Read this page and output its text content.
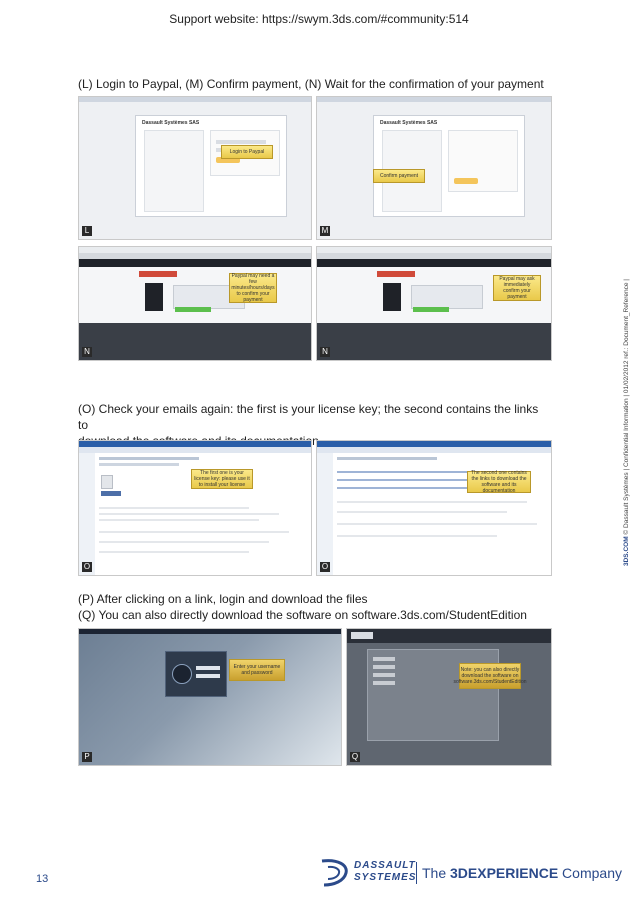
Support website: https://swym.3ds.com/#community:514
(L) Login to Paypal, (M) Confirm payment, (N) Wait for the confirmation of your payment
Dassault Systèmes SAS
Login to Paypal
L
Dassault Systèmes SAS
Confirm payment
M
Paypal may need a few minutes/hours/days to confirm your payment
N
Paypal may ask immediately confirm your payment
N
(O) Check your emails again: the first is your license key; the second contains the links to
The first one is your license key: please use it to install your license
O
The second one contains the links to download the software and its documentation
O
(P) After clicking on a link, login and download the files
(Q) You can also directly download the software on software.3ds.com/StudentEdition
Enter your username and password
P
Note: you can also directly download the software on software.3ds.com/StudentEdition
Q
3DS.COM © Dassault Systèmes | Confidential Information | 01/02/2012 ref.: Document_Reference |
13
DASSAULT
SYSTEMES The 3DEXPERIENCE Company
